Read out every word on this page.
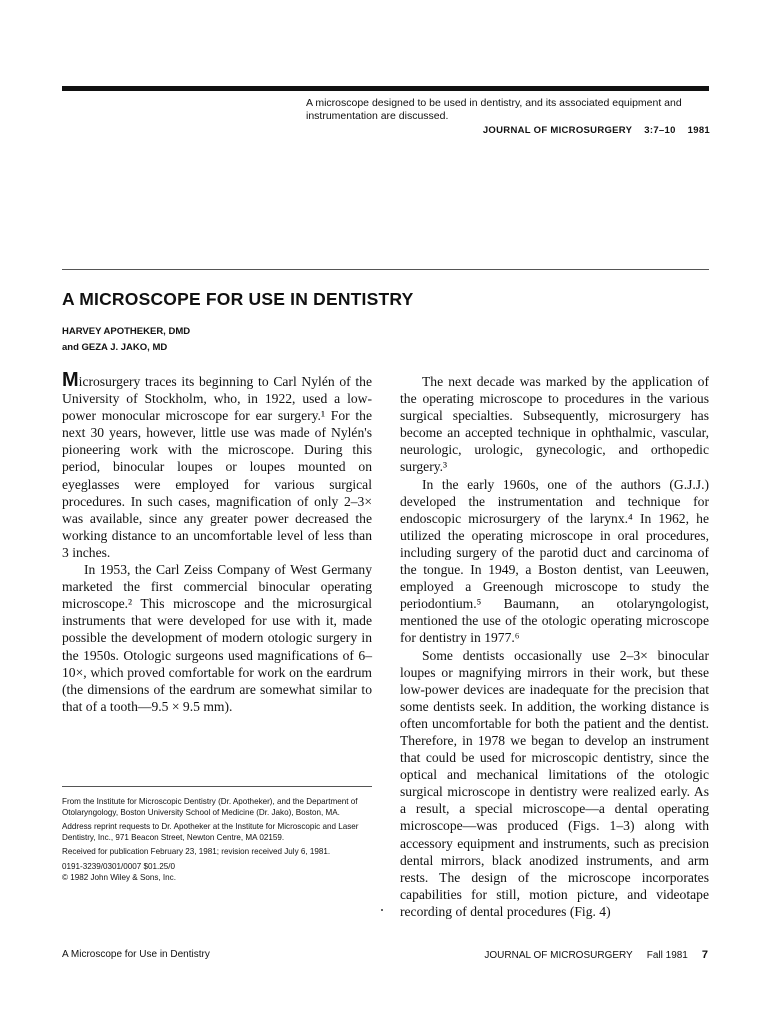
A microscope designed to be used in dentistry, and its associated equipment and instrumentation are discussed.
JOURNAL OF MICROSURGERY 3:7–10 1981
A MICROSCOPE FOR USE IN DENTISTRY
HARVEY APOTHEKER, DMD
and GEZA J. JAKO, MD

Microsurgery traces its beginning to Carl Nylén of the University of Stockholm, who, in 1922, used a low-power monocular microscope for ear surgery.¹ For the next 30 years, however, little use was made of Nylén's pioneering work with the microscope. During this period, binocular loupes or loupes mounted on eyeglasses were employed for various surgical procedures. In such cases, magnification of only 2–3× was available, since any greater power decreased the working distance to an uncomfortable level of less than 3 inches.

In 1953, the Carl Zeiss Company of West Germany marketed the first commercial binocular operating microscope.² This microscope and the microsurgical instruments that were developed for use with it, made possible the development of modern otologic surgery in the 1950s. Otologic surgeons used magnifications of 6–10×, which proved comfortable for work on the eardrum (the dimensions of the eardrum are somewhat similar to that of a tooth—9.5 × 9.5 mm).

The next decade was marked by the application of the operating microscope to procedures in the various surgical specialties. Subsequently, microsurgery has become an accepted technique in ophthalmic, vascular, neurologic, urologic, gynecologic, and orthopedic surgery.³

In the early 1960s, one of the authors (G.J.J.) developed the instrumentation and technique for endoscopic microsurgery of the larynx.⁴ In 1962, he utilized the operating microscope in oral procedures, including surgery of the parotid duct and carcinoma of the tongue. In 1949, a Boston dentist, van Leeuwen, employed a Greenough microscope to study the periodontium.⁵ Baumann, an otolaryngologist, mentioned the use of the otologic operating microscope for dentistry in 1977.⁶

Some dentists occasionally use 2–3× binocular loupes or magnifying mirrors in their work, but these low-power devices are inadequate for the precision that some dentists seek. In addition, the working distance is often uncomfortable for both the patient and the dentist. Therefore, in 1978 we began to develop an instrument that could be used for microscopic dentistry, since the optical and mechanical limitations of the otologic surgical microscope in dentistry were realized early. As a result, a special microscope—a dental operating microscope—was produced (Figs. 1–3) along with accessory equipment and instruments, such as precision dental mirrors, black anodized instruments, and arm rests. The design of the microscope incorporates capabilities for still, motion picture, and videotape recording of dental procedures (Fig. 4)

From the Institute for Microscopic Dentistry (Dr. Apotheker), and the Department of Otolaryngology, Boston University School of Medicine (Dr. Jako), Boston, MA.

Address reprint requests to Dr. Apotheker at the Institute for Microscopic and Laser Dentistry, Inc., 971 Beacon Street, Newton Centre, MA 02159.

Received for publication February 23, 1981; revision received July 6, 1981.

0191-3239/0301/0007 $01.25/0

© 1982 John Wiley & Sons, Inc.

A Microscope for Use in Dentistry	JOURNAL OF MICROSURGERY Fall 1981 7
